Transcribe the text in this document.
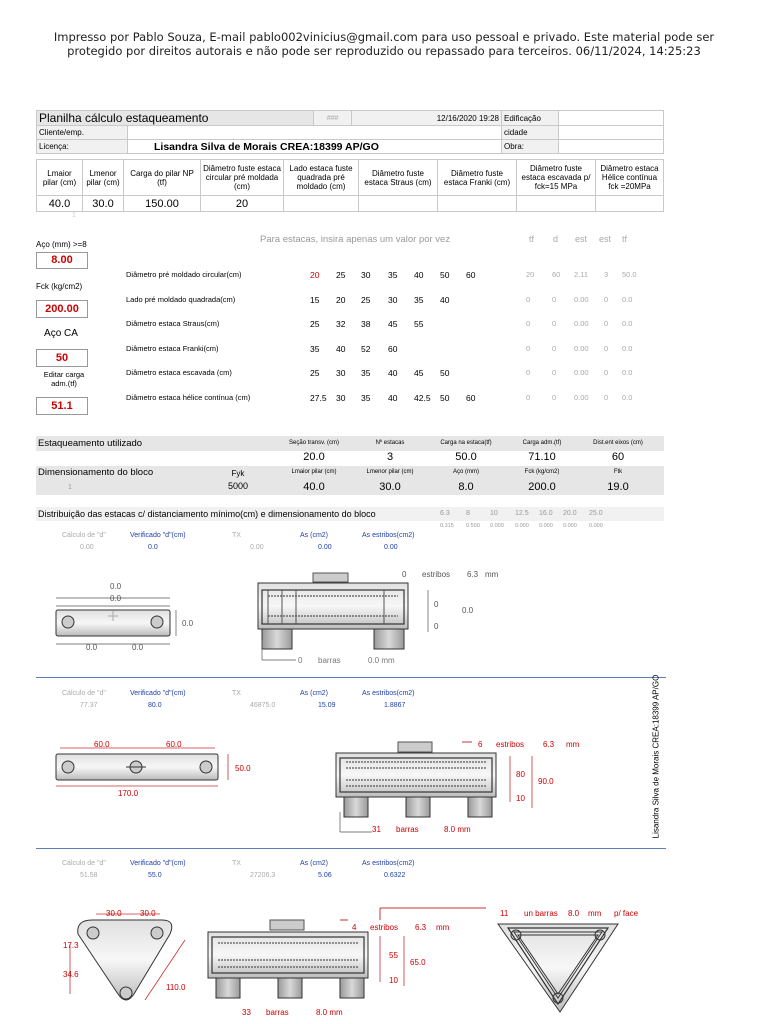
Impresso por Pablo Souza, E-mail pablo002vinicius@gmail.com para uso pessoal e privado. Este material pode ser protegido por direitos autorais e não pode ser reproduzido ou repassado para terceiros. 06/11/2024, 14:25:23
Planilha cálculo estaqueamento		###	12/16/2020 19:28	Edificação	
Cliente/emp.				cidade	
Licença:	Lisandra Silva de Morais CREA:18399 AP/GO			Obra:	
Lmaior pilar (cm)	Lmenor pilar (cm)	Carga do pilar NP (tf)	Diâmetro fuste estaca circular pré moldada (cm)	Lado estaca fuste quadrada pré moldado (cm)	Diâmetro fuste estaca Straus (cm)	Diâmetro fuste estaca Franki (cm)	Diâmetro fuste estaca escavada p/ fck=15 MPa	Diâmetro estaca Hélice contínua fck =20MPa
40.0	30.0	150.00	20					
1
Aço (mm) >=8
8.00
Fck (kg/cm2)
200.00
Aço CA
50
Editar carga adm.(tf)
51.1
Para estacas, insira apenas um valor por vez	tf d est est tf
Diâmetro pré moldado circular(cm)	20 25 30 35 40 50 60	20 60 2.11 3 50.0
Lado pré moldado quadrada(cm)	15 20 25 30 35 40	0	0 0.00 0 0.0
Diâmetro estaca Straus(cm)	25 32 38 45 55	0	0 0.00 0 0.0
Diâmetro estaca Franki(cm)	35 40 52 60	0	0 0.00 0 0.0
Diâmetro estaca escavada (cm)	25 30 35 40 45 50	0	0 0.00 0 0.0
Diâmetro estaca hélice contínua (cm)	27.5 30 35 40 42.5 50 60	0	0 0.00 0 0.0
Estaqueamento utilizado	Seção transv. (cm)	Nº estacas	Carga na estaca(tf)	Carga adm.(tf)	Dist.ent eixos (cm)
20.0	3	50.0	71.10	60
Dimensionamento do bloco
1
Fyk	Lmaior pilar (cm)	Lmenor pilar (cm)	Aço (mm)	Fck (kg/cm2)	Ftk
5000	40.0	30.0	8.0	200.0	19.0
Distribuição das estacas c/ distanciamento mínimo(cm) e dimensionamento do bloco	6.3 8	10 12.5 16.0 20.0 25.0
0.315 0.500 0.000 0.000 0.000 0.000 0.000
Lisandra Silva de Morais CREA:18399 AP/GO
Cálculo de "d"	Verificado "d"(cm)	TX	As (cm2)	As estribos(cm2)
0.00	0.0	0.00	0.00	0.00
Cálculo de "d"	Verificado "d"(cm)	TX	As (cm2)	As estribos(cm2)
77.37	80.0	46875.0	15.09	1.8867
Cálculo de "d"	Verificado "d"(cm)	TX	As (cm2)	As estribos(cm2)
51.58	55.0	27206.3	5.06	0.6322
0.0
0.0
0.0
0.0	0.0
0 estribos 6.3 mm
0
0.0
0
0 barras	0.0 mm
60.0	60.0
50.0
170.0
6 estribos 6.3 mm
80
90.0
10
31 barras	8.0 mm
30.0 30.0
17.3
34.6
110.0
4 estribos 6.3 mm
55
65.0
10
33 barras	8.0 mm
11 un barras 8.0 mm p/ face
